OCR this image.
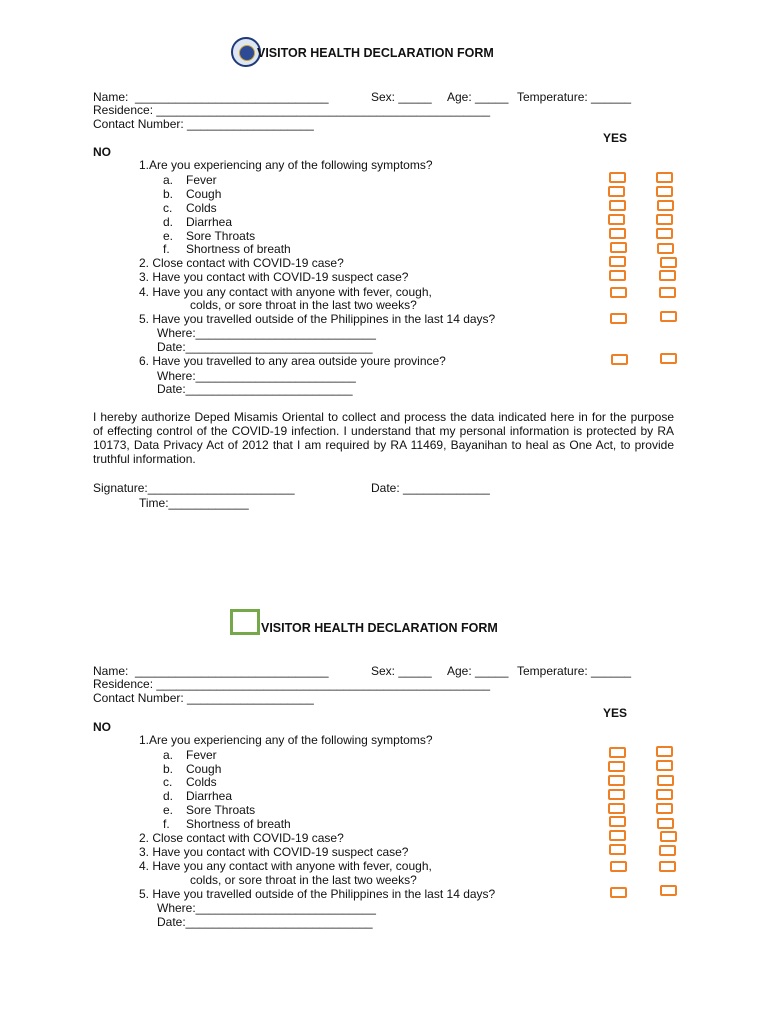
VISITOR HEALTH DECLARATION FORM
Name:  _____________________________	Sex: _____ Age: _____ Temperature: ______
Residence: __________________________________________________
Contact Number: ___________________
YES
NO
1.Are you experiencing any of the following symptoms?
a. Fever
b. Cough
c. Colds
d. Diarrhea
e. Sore Throats
f. Shortness of breath
2. Close contact with COVID-19 case?
3. Have you contact with COVID-19 suspect case?
4. Have you any contact with anyone with fever, cough,
colds, or sore throat in the last two weeks?
5. Have you travelled outside of the Philippines in the last 14 days?
Where:___________________________
Date:____________________________
6. Have you travelled to any area outside youre province?
Where:________________________
Date:_________________________
I hereby authorize Deped Misamis Oriental to collect and process the data indicated here in for the purpose of effecting control of the COVID-19 infection. I understand that my personal information is protected by RA 10173, Data Privacy Act of 2012 that I am required by RA 11469, Bayanihan to heal as One Act, to provide truthful information.
Signature:______________________	Date: _____________
Time:____________
VISITOR HEALTH DECLARATION FORM
Name:  _____________________________	Sex: _____ Age: _____ Temperature: ______
Residence: __________________________________________________
Contact Number: ___________________
YES
NO
1.Are you experiencing any of the following symptoms?
a. Fever
b. Cough
c. Colds
d. Diarrhea
e. Sore Throats
f. Shortness of breath
2. Close contact with COVID-19 case?
3. Have you contact with COVID-19 suspect case?
4. Have you any contact with anyone with fever, cough,
colds, or sore throat in the last two weeks?
5. Have you travelled outside of the Philippines in the last 14 days?
Where:___________________________
Date:____________________________
